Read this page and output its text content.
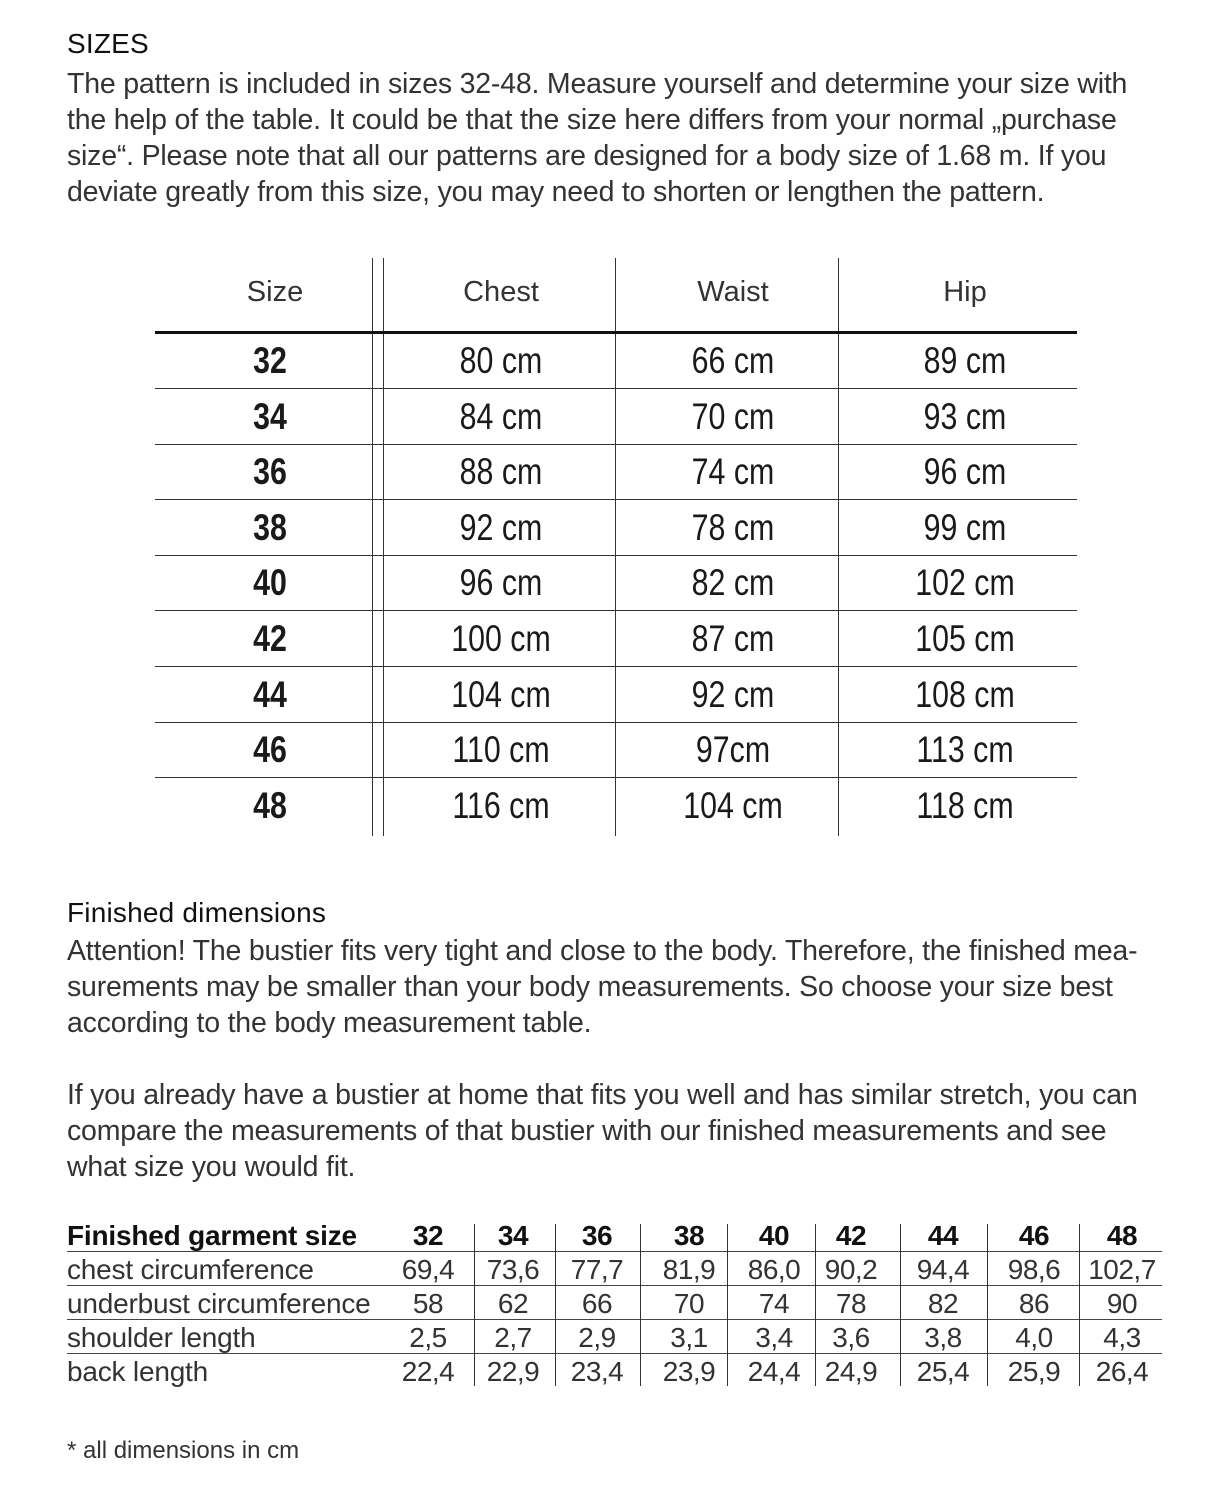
SIZES
The pattern is included in sizes 32-48. Measure yourself and determine your size with
the help of the table. It could be that the size here differs from your normal „purchase
size“. Please note that all our patterns are designed for a body size of 1.68 m. If you
deviate greatly from this size, you may need to shorten or lengthen the pattern.
Size	Chest	Waist	Hip
32	80 cm	66 cm	89 cm
34	84 cm	70 cm	93 cm
36	88 cm	74 cm	96 cm
38	92 cm	78 cm	99 cm
40	96 cm	82 cm	102 cm
42	100 cm	87 cm	105 cm
44	104 cm	92 cm	108 cm
46	110 cm	97cm	113 cm
48	116 cm	104 cm	118 cm
Finished dimensions
Attention! The bustier fits very tight and close to the body. Therefore, the finished mea-
surements may be smaller than your body measurements. So choose your size best
according to the body measurement table.
If you already have a bustier at home that fits you well and has similar stretch, you can
compare the measurements of that bustier with our finished measurements and see
what size you would fit.
Finished garment size 32 34 36 38 40 42 44 46 48
chest circumference	69,4 73,6 77,7 81,9 86,0 90,2 94,4 98,6 102,7
underbust circumference 58 62 66 70 74 78 82 86 90
shoulder length	2,5 2,7 2,9 3,1 3,4 3,6 3,8 4,0 4,3
back length	22,4 22,9 23,4 23,9 24,4 24,9 25,4 25,9 26,4
* all dimensions in cm
